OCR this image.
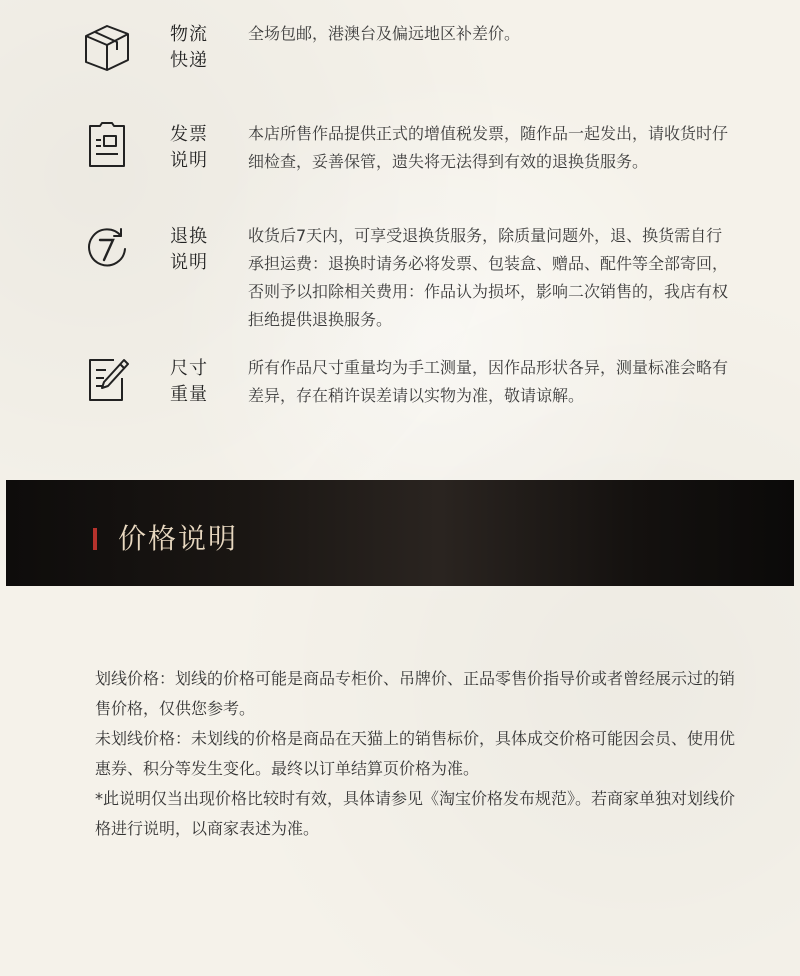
物流
快递
全场包邮，港澳台及偏远地区补差价。
发票
说明
本店所售作品提供正式的增值税发票，随作品一起发出，请收货时仔细检查，妥善保管，遗失将无法得到有效的退换货服务。
退换
说明
收货后7天内，可享受退换货服务，除质量问题外，退、换货需自行承担运费：退换时请务必将发票、包装盒、赠品、配件等全部寄回，否则予以扣除相关费用：作品认为损坏，影响二次销售的，我店有权拒绝提供退换服务。
尺寸
重量
所有作品尺寸重量均为手工测量，因作品形状各异，测量标准会略有差异，存在稍许误差请以实物为准，敬请谅解。
价格说明

划线价格：划线的价格可能是商品专柜价、吊牌价、正品零售价指导价或者曾经展示过的销售价格，仅供您参考。

未划线价格：未划线的价格是商品在天猫上的销售标价，具体成交价格可能因会员、使用优惠券、积分等发生变化。最终以订单结算页价格为准。

*此说明仅当出现价格比较时有效，具体请参见《淘宝价格发布规范》。若商家单独对划线价格进行说明，以商家表述为准。
